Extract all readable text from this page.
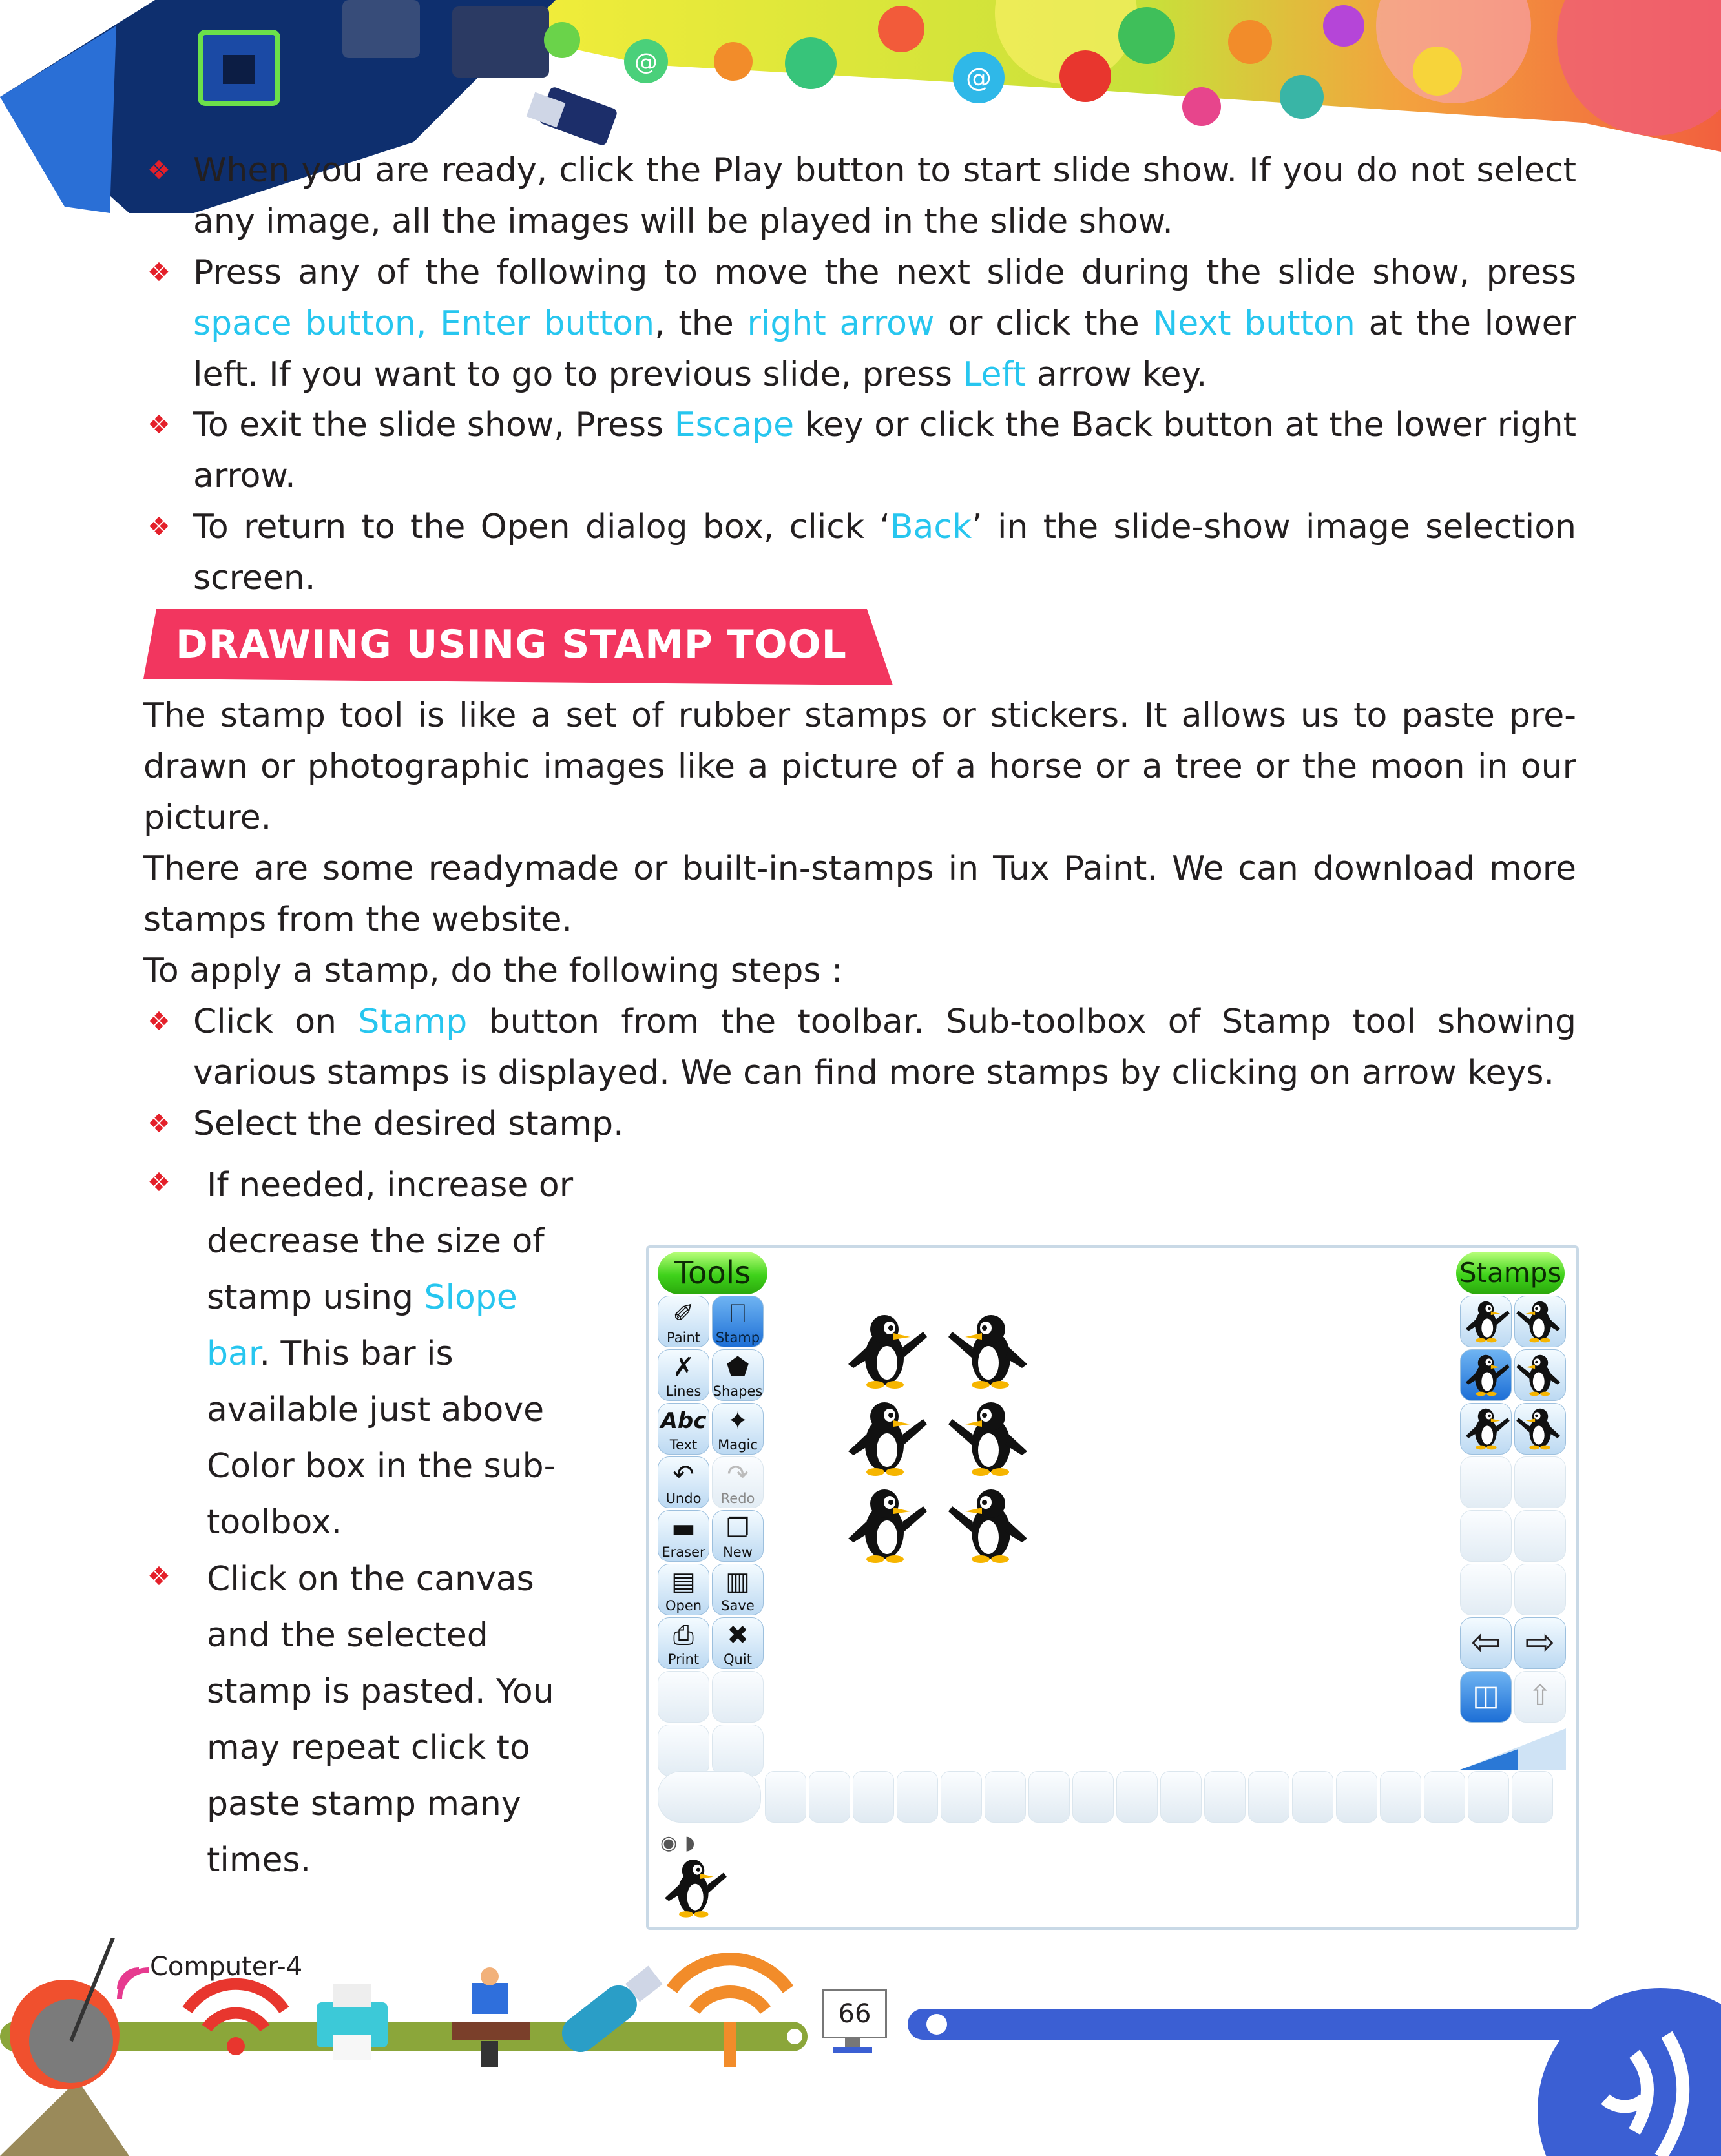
@
@
❖ When you are ready, click the Play button to start slide show. If you do not select any image, all the images will be played in the slide show.
❖ Press any of the following to move the next slide during the slide show, press space button, Enter button, the right arrow or click the Next button at the lower left. If you want to go to previous slide, press Left arrow key.
❖ To exit the slide show, Press Escape key or click the Back button at the lower right arrow.
❖ To return to the Open dialog box, click ‘Back’ in the slide-show image selection screen.
DRAWING USING STAMP TOOL

The stamp tool is like a set of rubber stamps or stickers. It allows us to paste pre-drawn or photographic images like a picture of a horse or a tree or the moon in our picture.

There are some readymade or built-in-stamps in Tux Paint. We can download more stamps from the website.

To apply a stamp, do the following steps :

❖ Click on Stamp button from the toolbar. Sub-toolbox of Stamp tool showing various stamps is displayed. We can find more stamps by clicking on arrow keys.
❖ Select the desired stamp.
❖ If needed, increase or decrease the size of stamp using Slope bar. This bar is available just above Color box in the sub-toolbox.
❖ Click on the canvas and the selected stamp is pasted. You may repeat click to paste stamp many times.
Tools	Stamps
✐
Paint
⎕
Stamp
✗
Lines
⬟
Shapes
Abc
Text
✦
Magic
↶
Undo
↷
Redo
▬
Eraser
❐
New
▤
Open
▥
Save
⎙
Print
✖
Quit	⇦ ⇨
◫	⇧
◉ ◗
Computer-4
66
